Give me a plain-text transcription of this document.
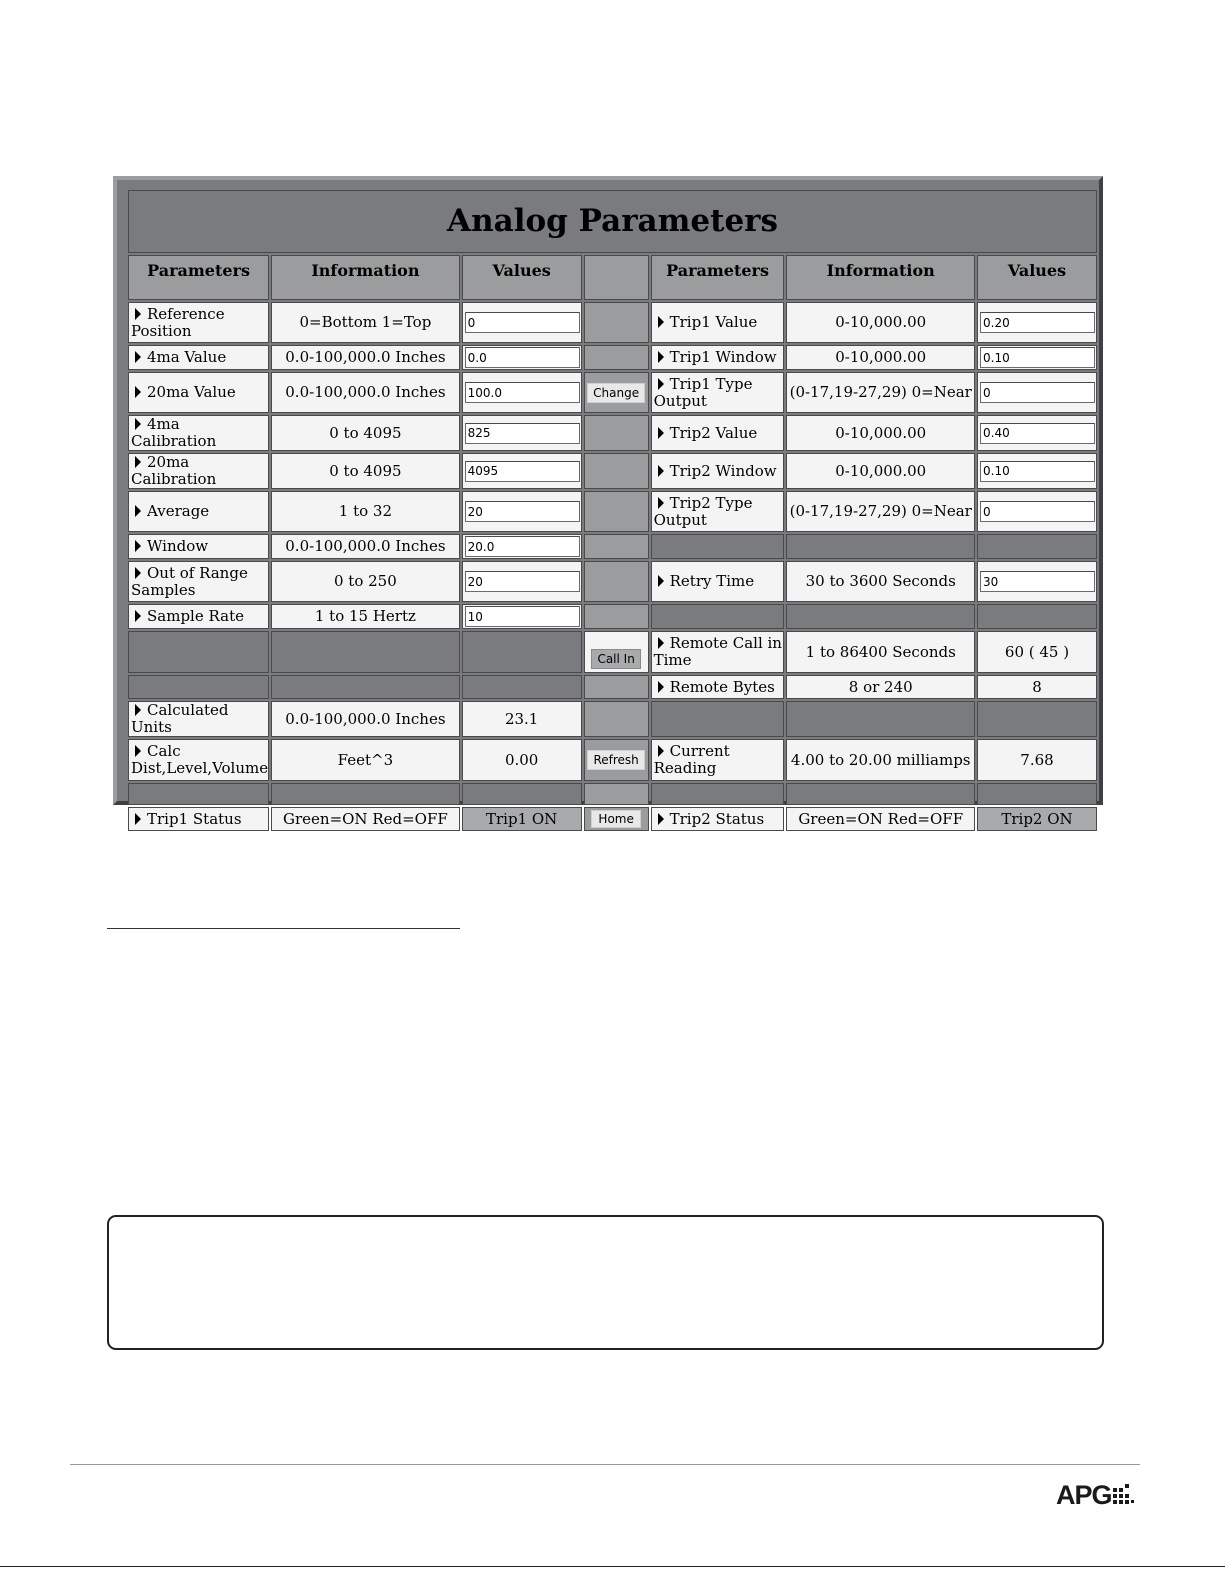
Analog Parameters						
Parameters	Information	Values		Parameters	Information	Values
Reference Position	0=Bottom 1=Top	0		Trip1 Value	0-10,000.00	0.20
4ma Value	0.0-100,000.0 Inches	0.0		Trip1 Window	0-10,000.00	0.10
20ma Value	0.0-100,000.0 Inches	100.0	Change	Trip1 Type Output	(0-17,19-27,29) 0=Near	0
4ma Calibration	0 to 4095	825		Trip2 Value	0-10,000.00	0.40
20ma Calibration	0 to 4095	4095		Trip2 Window	0-10,000.00	0.10
Average	1 to 32	20		Trip2 Type Output	(0-17,19-27,29) 0=Near	0
Window	0.0-100,000.0 Inches	20.0				
Out of Range Samples	0 to 250	20		Retry Time	30 to 3600 Seconds	30
Sample Rate	1 to 15 Hertz	10				
			Call In	Remote Call in Time	1 to 86400 Seconds	60 ( 45 )
				Remote Bytes	8 or 240	8
Calculated Units	0.0-100,000.0 Inches	23.1				
Calc Dist,Level,Volume	Feet^3	0.00	Refresh	Current Reading	4.00 to 20.00 milliamps	7.68

Trip1 Status	Green=ON Red=OFF	Trip1 ON	Home	Trip2 Status	Green=ON Red=OFF	Trip2 ON
APG
